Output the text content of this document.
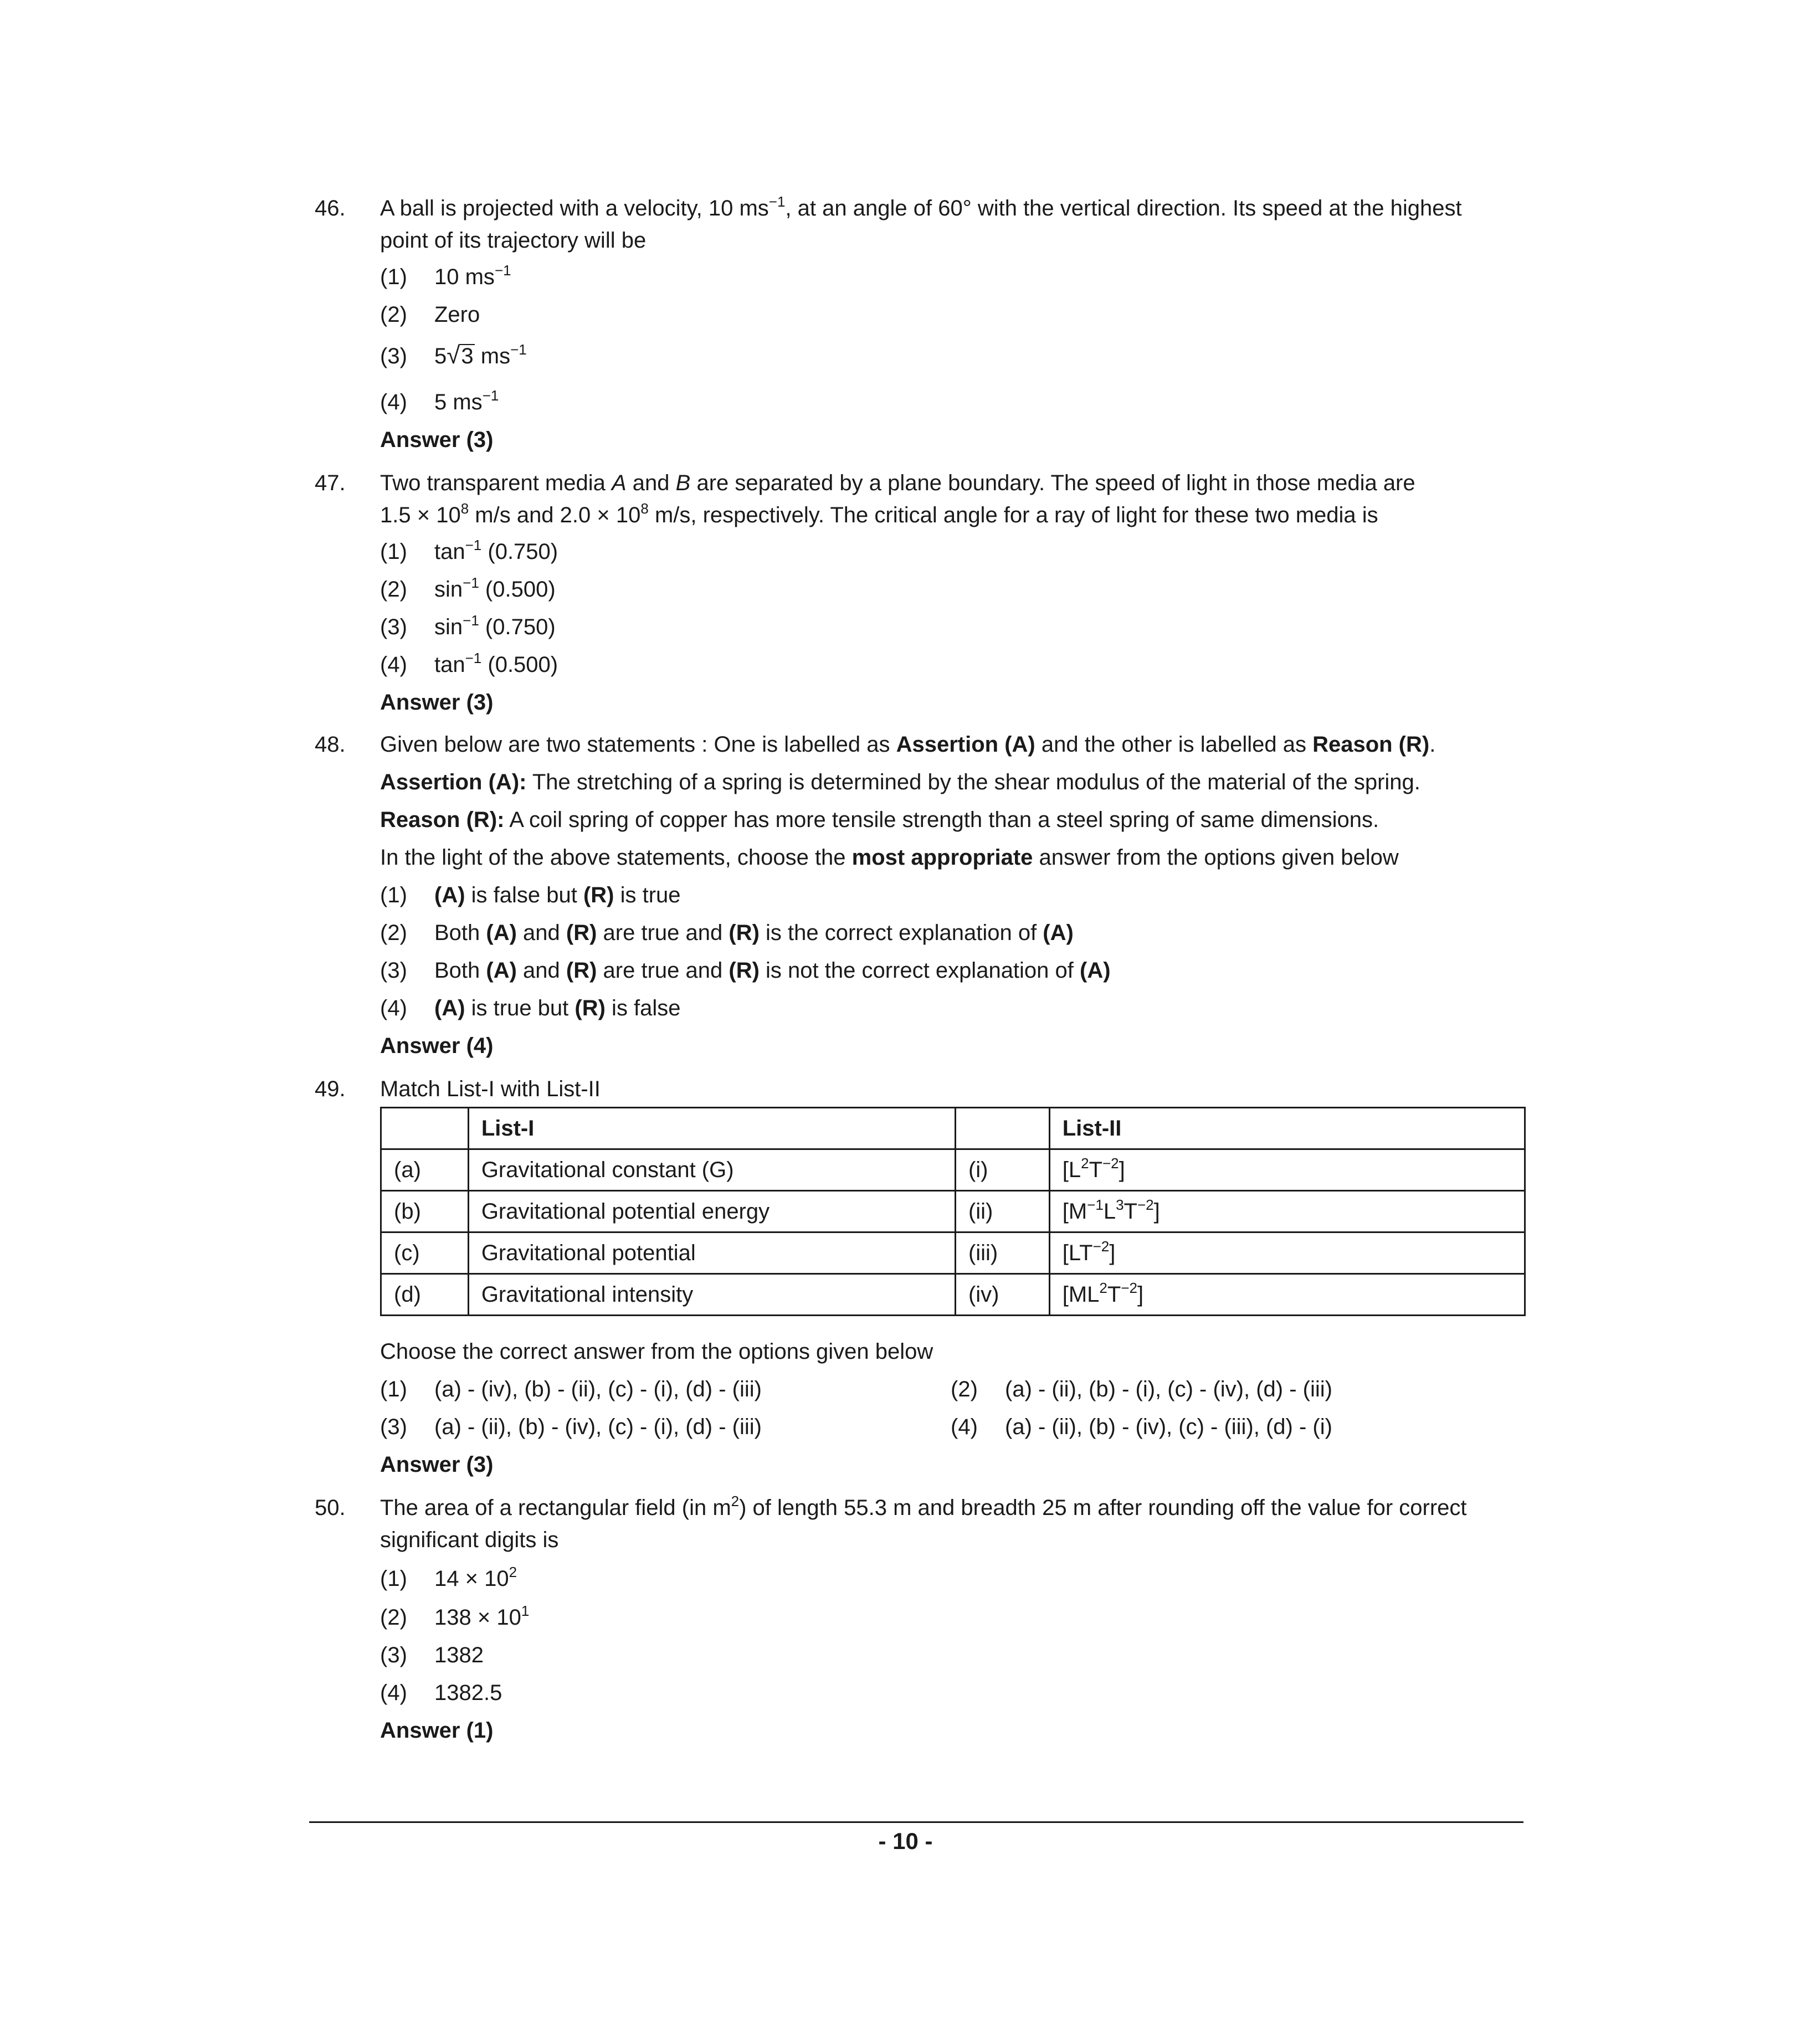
46. A ball is projected with a velocity, 10 $ms^{-1}$, at an angle of 60° with the vertical direction. Its speed at the highest
point of its trajectory will be
(1) 10 $ms^{-1}$
(2) Zero
(3) 5√3 $ms^{-1}$
(4) 5 $ms^{-1}$
Answer (3)
47. Two transparent media A and B are separated by a plane boundary. The speed of light in those media are
$1.5 \times 10^8$ m/s and $2.0 \times 10^8$ m/s, respectively. The critical angle for a ray of light for these two media is
(1) $\tan^{-1} (0.750)$
(2) $\sin^{-1} (0.500)$
(3) $\sin^{-1} (0.750)$
(4) $\tan^{-1} (0.500)$
Answer (3)
48. Given below are two statements : One is labelled as Assertion (A) and the other is labelled as Reason (R).
Assertion (A): The stretching of a spring is determined by the shear modulus of the material of the spring.
Reason (R): A coil spring of copper has more tensile strength than a steel spring of same dimensions.
In the light of the above statements, choose the most appropriate answer from the options given below
(1) (A) is false but (R) is true
(2) Both (A) and (R) are true and (R) is the correct explanation of (A)
(3) Both (A) and (R) are true and (R) is not the correct explanation of (A)
(4) (A) is true but (R) is false
Answer (4)
49. Match List-I with List-II
	List-I		List-II
(a)	Gravitational constant (G)	(i)	$[L^2T^{-2}]$
(b)	Gravitational potential energy	(ii)	$[M^{-1}L^3T^{-2}]$
(c)	Gravitational potential	(iii)	$[LT^{-2}]$
(d)	Gravitational intensity	(iv)	$[ML^2T^{-2}]$
Choose the correct answer from the options given below
(1) (a) - (iv), (b) - (ii), (c) - (i), (d) - (iii)	(2) (a) - (ii), (b) - (i), (c) - (iv), (d) - (iii)
(3) (a) - (ii), (b) - (iv), (c) - (i), (d) - (iii)	(4) (a) - (ii), (b) - (iv), (c) - (iii), (d) - (i)
Answer (3)
50. The area of a rectangular field (in $m^2$) of length 55.3 m and breadth 25 m after rounding off the value for correct
significant digits is
(1) $14 \times 10^2$
(2) $138 \times 10^1$
(3) 1382
(4) 1382.5
Answer (1)
- 10 -
